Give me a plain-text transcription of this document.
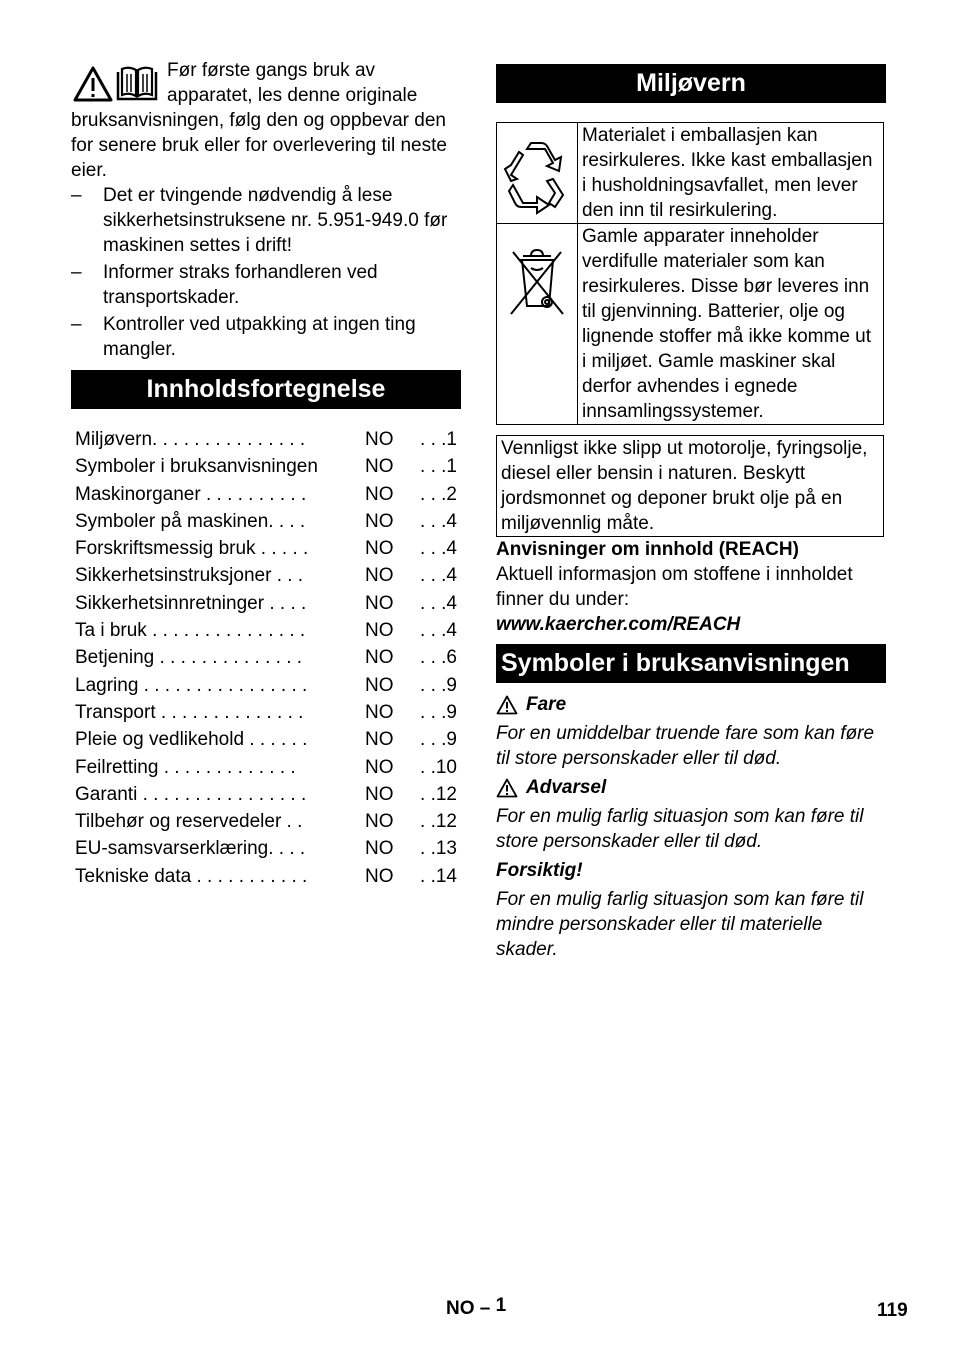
Før første gangs bruk av apparatet, les denne originale bruksanvisningen, følg den og oppbevar den for senere bruk eller for overlevering til neste eier.

– Det er tvingende nødvendig å lese sikkerhetsinstruksene nr. 5.951-949.0 før maskinen settes i drift!
– Informer straks forhandleren ved transportskader.
– Kontroller ved utpakking at ingen ting mangler.
Innholdsfortegnelse
Miljøvern. . . . . . . . . . . . . . .	NO	. . .1
Symboler i bruksanvisningen	NO	. . .1
Maskinorganer . . . . . . . . . .	NO	. . .2
Symboler på maskinen. . . .	NO	. . .4
Forskriftsmessig bruk . . . . .	NO	. . .4
Sikkerhetsinstruksjoner . . .	NO	. . .4
Sikkerhetsinnretninger . . . .	NO	. . .4
Ta i bruk . . . . . . . . . . . . . . .	NO	. . .4
Betjening . . . . . . . . . . . . . .	NO	. . .6
Lagring . . . . . . . . . . . . . . . .	NO	. . .9
Transport . . . . . . . . . . . . . .	NO	. . .9
Pleie og vedlikehold . . . . . .	NO	. . .9
Feilretting . . . . . . . . . . . . .	NO	. .10
Garanti . . . . . . . . . . . . . . . .	NO	. .12
Tilbehør og reservedeler . .	NO	. .12
EU-samsvarserklæring. . . .	NO	. .13
Tekniske data . . . . . . . . . . .	NO	. .14
Miljøvern
	Materialet i emballasjen kan resirkuleres. Ikke kast emballasjen i husholdningsavfallet, men lever den inn til resirkulering.
	Gamle apparater inneholder verdifulle materialer som kan resirkuleres. Disse bør leveres inn til gjenvinning. Batterier, olje og lignende stoffer må ikke komme ut i miljøet. Gamle maskiner skal derfor avhendes i egnede innsamlingssystemer.
Vennligst ikke slipp ut motorolje, fyringsolje, diesel eller bensin i naturen. Beskytt jordsmonnet og deponer brukt olje på en miljøvennlig måte.

Anvisninger om innhold (REACH)

Aktuell informasjon om stoffene i innholdet finner du under:

www.kaercher.com/REACH

Symboler i bruksanvisningen
Fare

For en umiddelbar truende fare som kan føre til store personskader eller til død.

Advarsel

For en mulig farlig situasjon som kan føre til store personskader eller til død.

Forsiktig!

For en mulig farlig situasjon som kan føre til mindre personskader eller til materielle skader.

NO – 1	119
